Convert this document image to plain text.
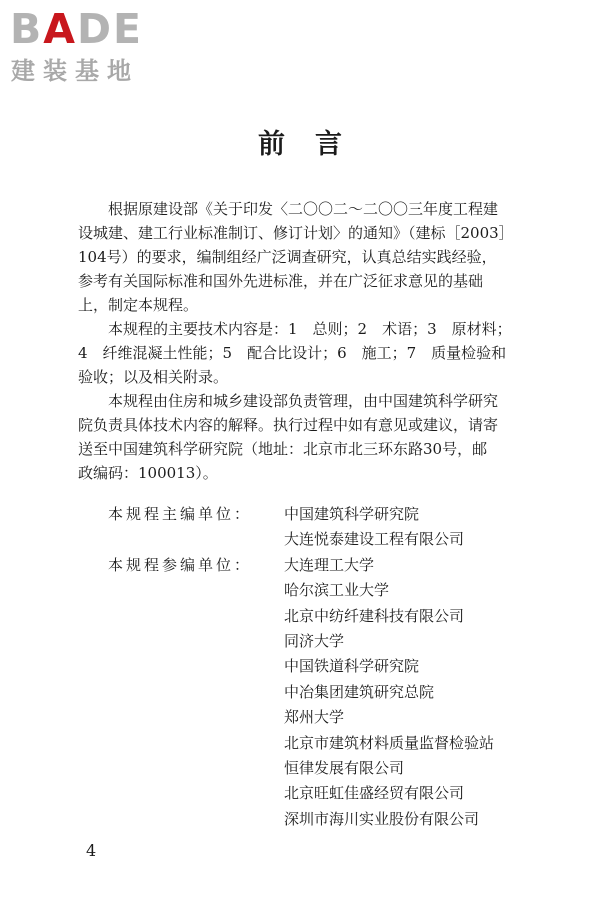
BADE
建装基地
前言
根据原建设部《关于印发〈二〇〇二～二〇〇三年度工程建
设城建、建工行业标准制订、修订计划〉的通知》（建标［2003］
104号）的要求，编制组经广泛调查研究，认真总结实践经验，
参考有关国际标准和国外先进标准，并在广泛征求意见的基础
上，制定本规程。
本规程的主要技术内容是：1　总则；2　术语；3　原材料；
4　纤维混凝土性能；5　配合比设计；6　施工；7　质量检验和
验收；以及相关附录。
本规程由住房和城乡建设部负责管理，由中国建筑科学研究
院负责具体技术内容的解释。执行过程中如有意见或建议，请寄
送至中国建筑科学研究院（地址：北京市北三环东路30号，邮
政编码：100013）。
本规程主编单位：	中国建筑科学研究院
大连悦泰建设工程有限公司
本规程参编单位：	大连理工大学
哈尔滨工业大学
北京中纺纤建科技有限公司
同济大学
中国铁道科学研究院
中冶集团建筑研究总院
郑州大学
北京市建筑材料质量监督检验站
恒律发展有限公司
北京旺虹佳盛经贸有限公司
深圳市海川实业股份有限公司
4
